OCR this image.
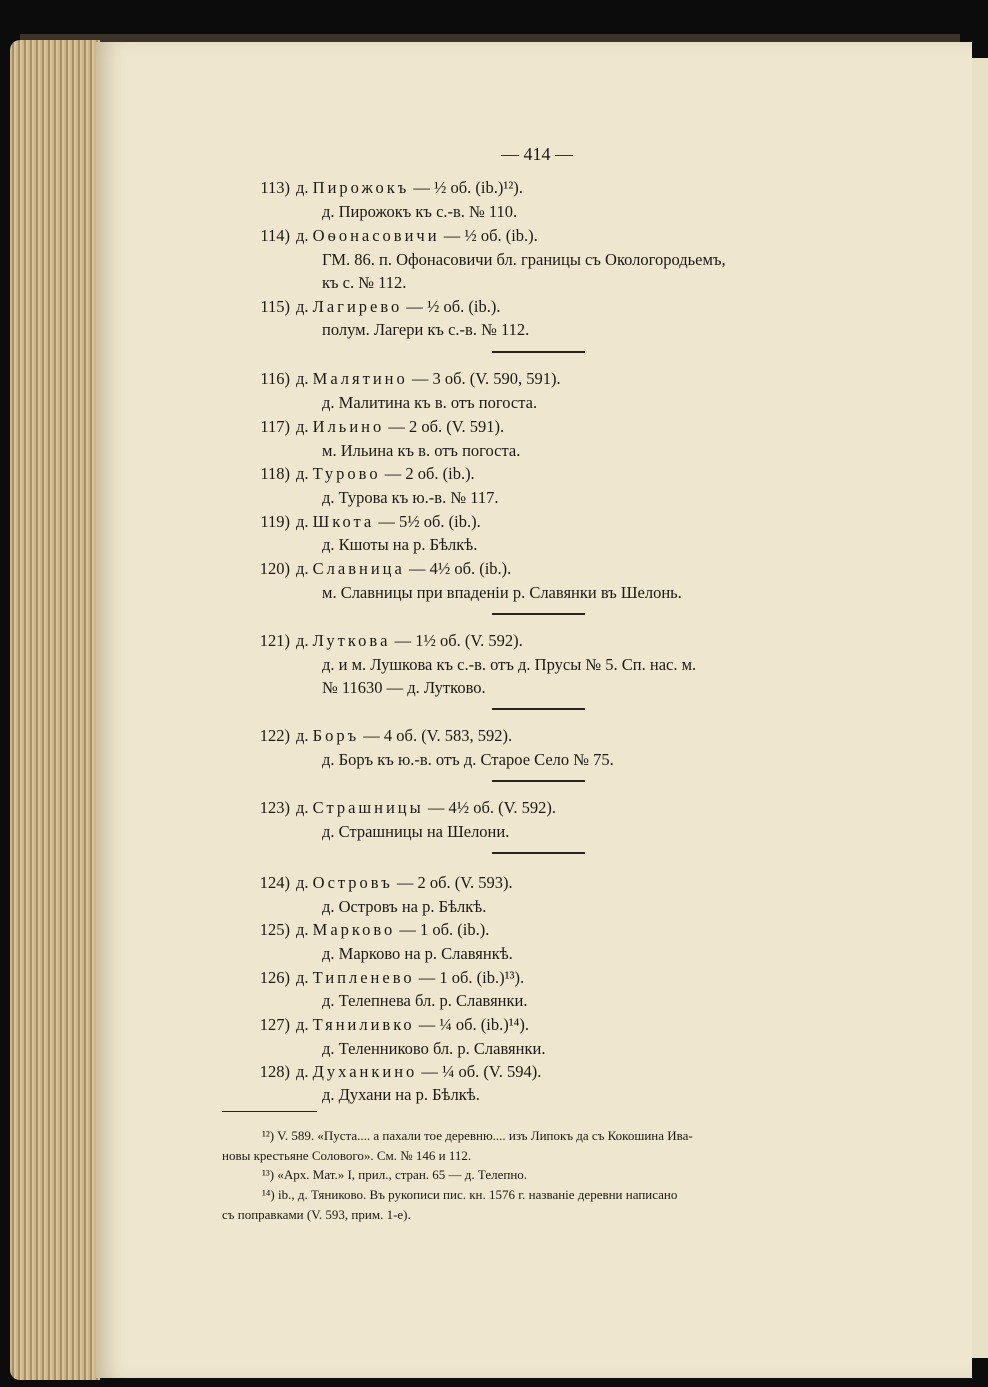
— 414 —
113) д. Пирожокъ — ½ об. (ib.)¹²).
д. Пирожокъ къ с.-в. № 110.
114) д. Оѳонасовичи — ½ об. (ib.).
ГМ. 86. п. Офонасовичи бл. границы съ Окологородьемъ,
къ с. № 112.
115) д. Лагирево — ½ об. (ib.).
полум. Лагери къ с.-в. № 112.
116) д. Малятино — 3 об. (V. 590, 591).
д. Малитина къ в. отъ погоста.
117) д. Ильино — 2 об. (V. 591).
м. Ильина къ в. отъ погоста.
118) д. Турово — 2 об. (ib.).
д. Турова къ ю.-в. № 117.
119) д. Шкота — 5½ об. (ib.).
д. Кшоты на р. Бѣлкѣ.
120) д. Славница — 4½ об. (ib.).
м. Славницы при впаденiи р. Славянки въ Шелонь.
121) д. Лутковa — 1½ об. (V. 592).
д. и м. Лушкова къ с.-в. отъ д. Прусы № 5. Сп. нас. м.
№ 11630 — д. Лутково.
122) д. Боръ — 4 об. (V. 583, 592).
д. Боръ къ ю.-в. отъ д. Старое Село № 75.
123) д. Страшницы — 4½ об. (V. 592).
д. Страшницы на Шелони.
124) д. Островъ — 2 об. (V. 593).
д. Островъ на р. Бѣлкѣ.
125) д. Марково — 1 об. (ib.).
д. Марково на р. Славянкѣ.
126) д. Типленево — 1 об. (ib.)¹³).
д. Телепнева бл. р. Славянки.
127) д. Тяниливко — ¼ об. (ib.)¹⁴).
д. Теленниково бл. р. Славянки.
128) д. Духанкино — ¼ об. (V. 594).
д. Духани на р. Бѣлкѣ.
¹²) V. 589. «Пуста.... а пахали тое деревню.... изъ Липокъ да съ Кокошина Ива-
новы крестьяне Солового». См. № 146 и 112.
¹³) «Арх. Мат.» I, прил., стран. 65 — д. Телепно.
¹⁴) ib., д. Тяниково. Въ рукописи пис. кн. 1576 г. названiе деревни написано
съ поправками (V. 593, прим. 1-е).
